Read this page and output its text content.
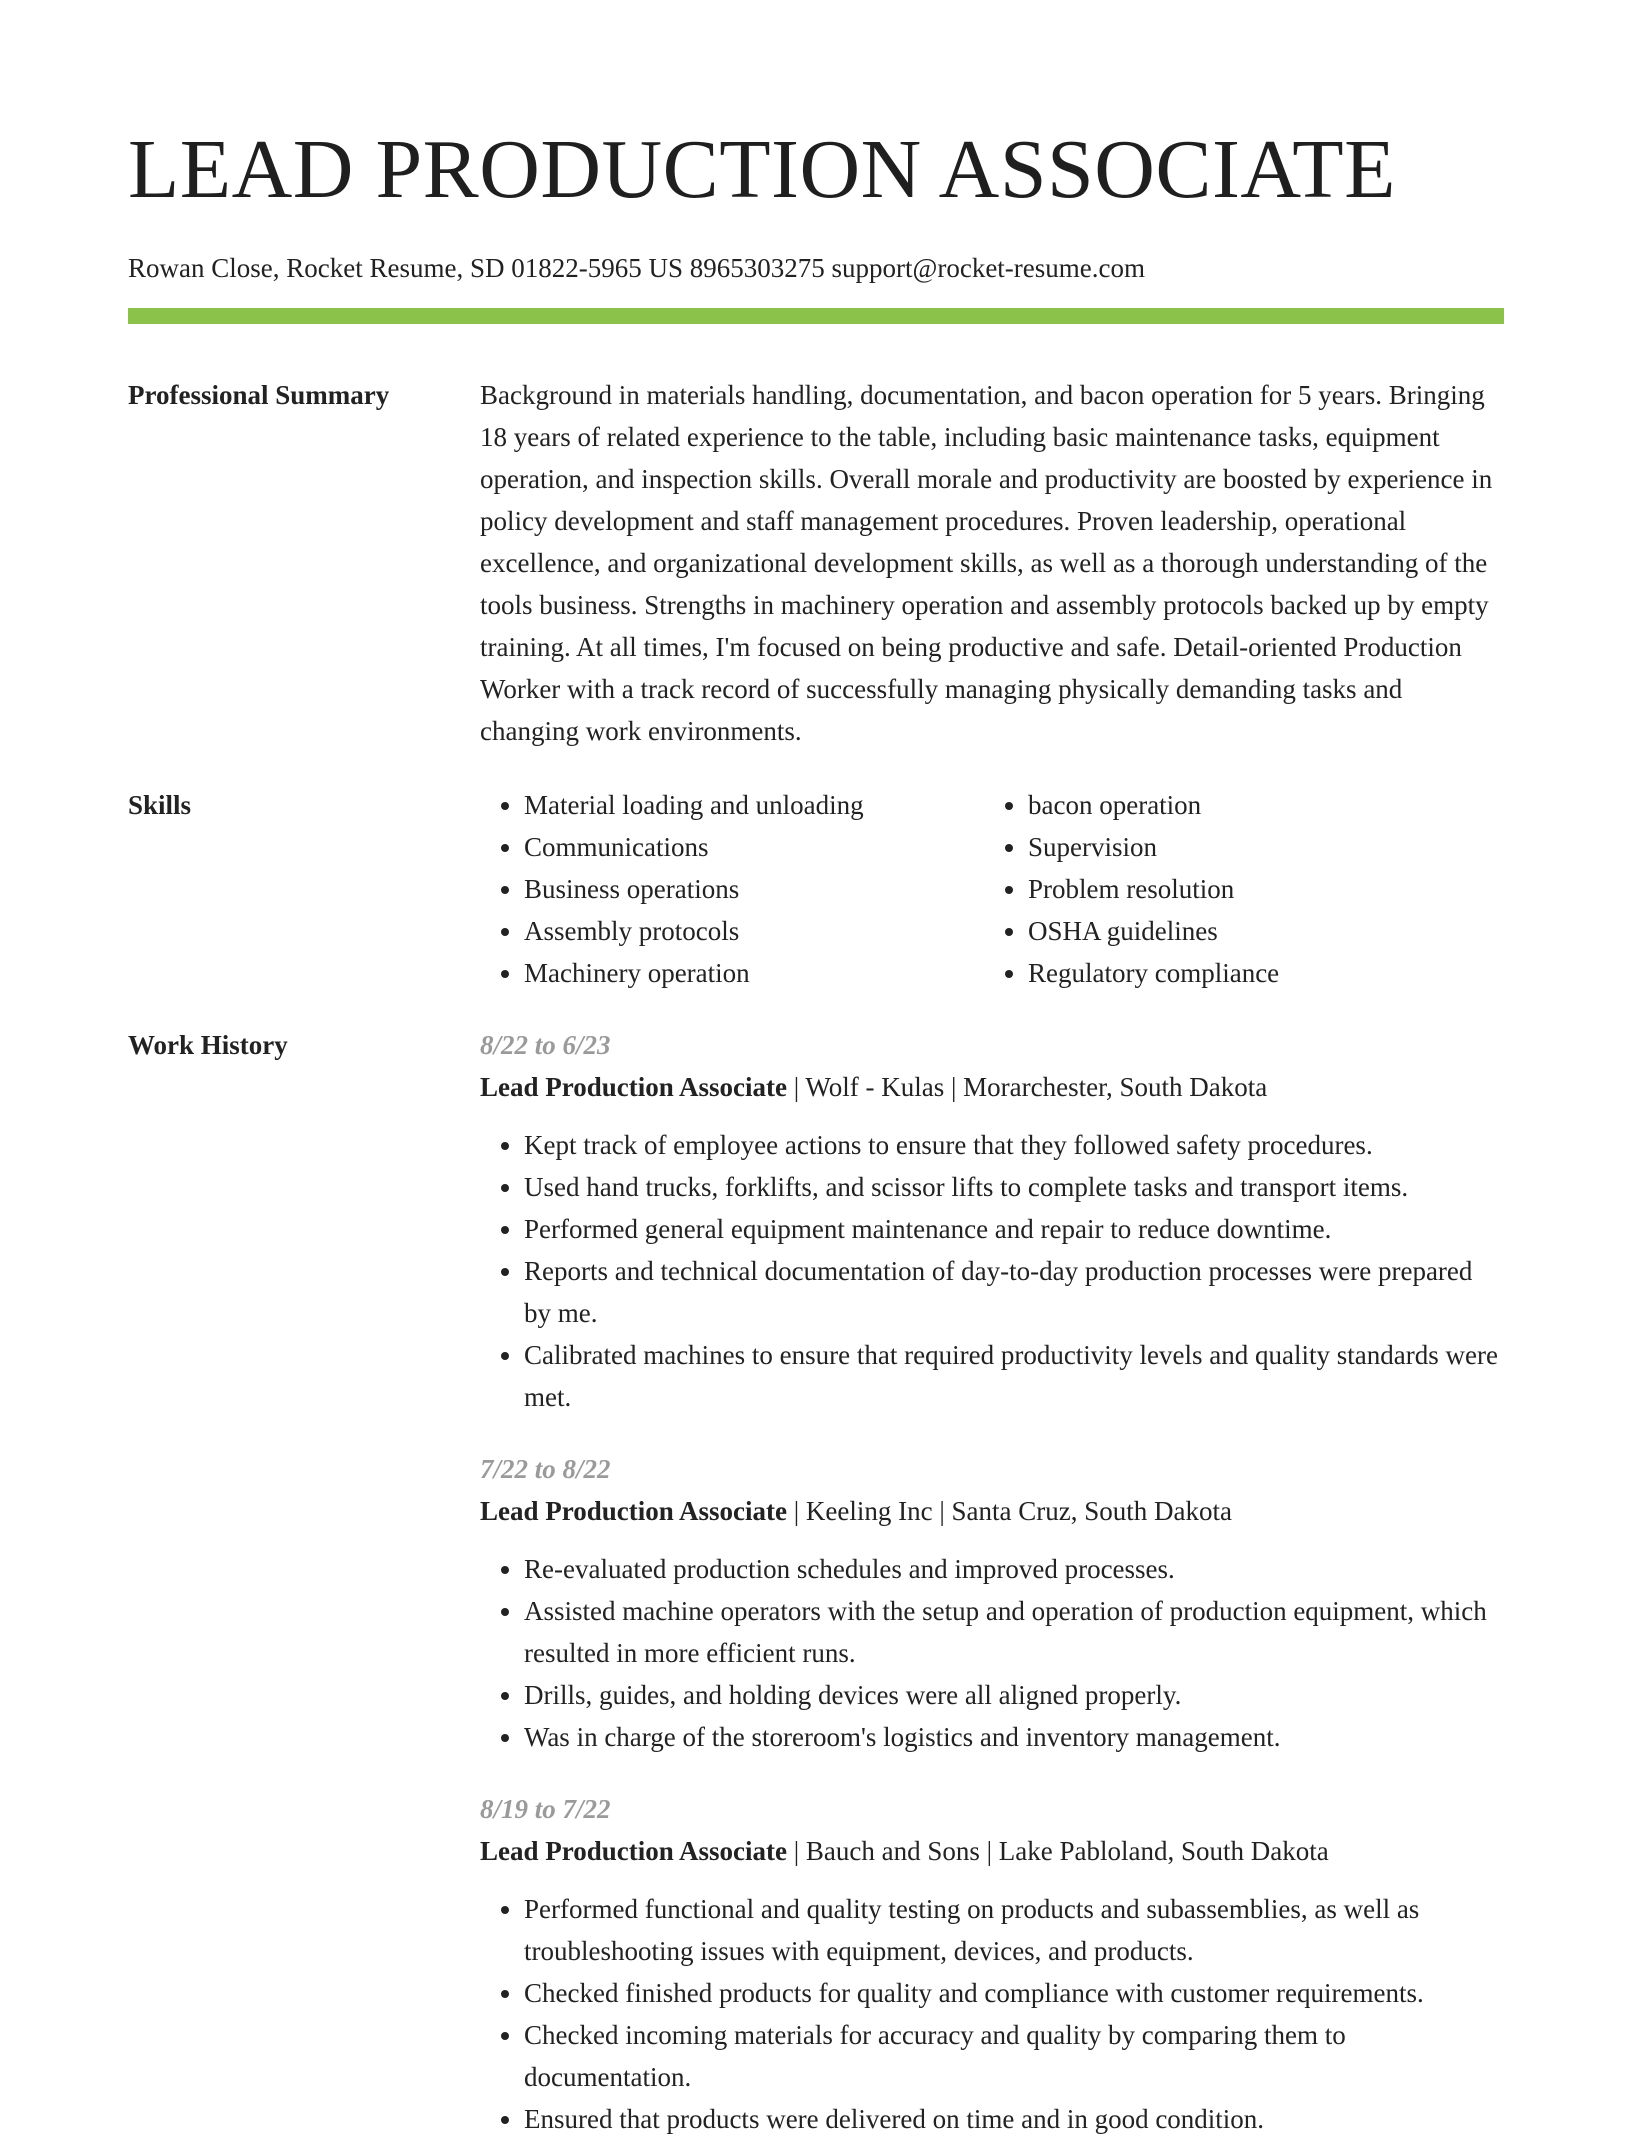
LEAD PRODUCTION ASSOCIATE
Rowan Close, Rocket Resume, SD 01822-5965 US 8965303275 support@rocket-resume.com
Professional Summary	Background in materials handling, documentation, and bacon operation for 5 years. Bringing 18 years of related experience to the table, including basic maintenance tasks, equipment operation, and inspection skills. Overall morale and productivity are boosted by experience in policy development and staff management procedures. Proven leadership, operational excellence, and organizational development skills, as well as a thorough understanding of the tools business. Strengths in machinery operation and assembly protocols backed up by empty training. At all times, I'm focused on being productive and safe. Detail-oriented Production Worker with a track record of successfully managing physically demanding tasks and changing work environments.

Skills
•	Material loading and unloading
• Communications
• Business operations
• Assembly protocols
• Machinery operation
• bacon operation
• Supervision
• Problem resolution
• OSHA guidelines
• Regulatory compliance
Work History	8/22 to 6/23
Lead Production Associate | Wolf - Kulas | Morarchester, South Dakota
• Kept track of employee actions to ensure that they followed safety procedures.
• Used hand trucks, forklifts, and scissor lifts to complete tasks and transport items.
• Performed general equipment maintenance and repair to reduce downtime.
• Reports and technical documentation of day-to-day production processes were prepared by me.
• Calibrated machines to ensure that required productivity levels and quality standards were met.
7/22 to 8/22
Lead Production Associate | Keeling Inc | Santa Cruz, South Dakota
• Re-evaluated production schedules and improved processes.
• Assisted machine operators with the setup and operation of production equipment, which resulted in more efficient runs.
• Drills, guides, and holding devices were all aligned properly.
• Was in charge of the storeroom's logistics and inventory management.
8/19 to 7/22
Lead Production Associate | Bauch and Sons | Lake Pabloland, South Dakota
• Performed functional and quality testing on products and subassemblies, as well as troubleshooting issues with equipment, devices, and products.
• Checked finished products for quality and compliance with customer requirements.
• Checked incoming materials for accuracy and quality by comparing them to documentation.
• Ensured that products were delivered on time and in good condition.
